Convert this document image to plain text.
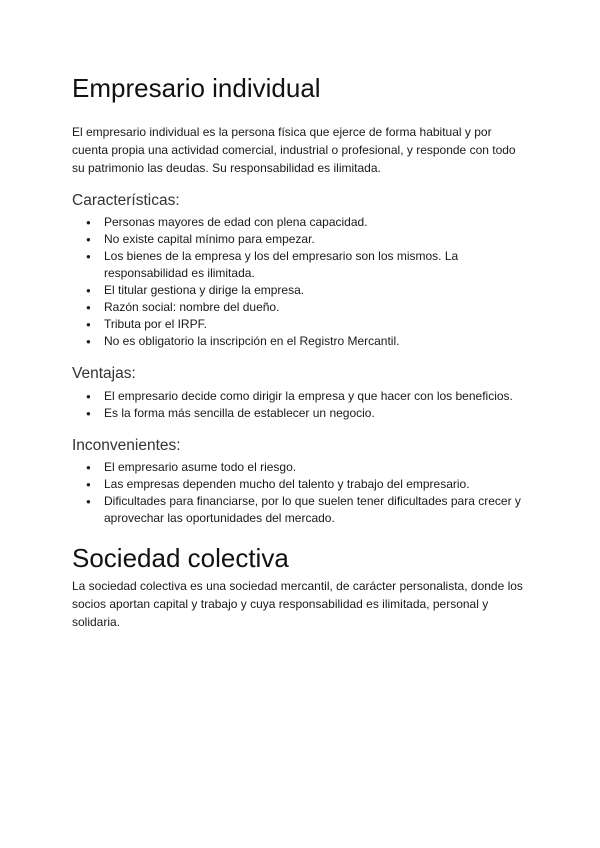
Empresario individual

El empresario individual es la persona física que ejerce de forma habitual y por cuenta propia una actividad comercial, industrial o profesional, y responde con todo su patrimonio las deudas. Su responsabilidad es ilimitada.

Características:
● Personas mayores de edad con plena capacidad.
● No existe capital mínimo para empezar.
● Los bienes de la empresa y los del empresario son los mismos. La responsabilidad es ilimitada.
● El titular gestiona y dirige la empresa.
● Razón social: nombre del dueño.
● Tributa por el IRPF.
● No es obligatorio la inscripción en el Registro Mercantil.
Ventajas:
● El empresario decide como dirigir la empresa y que hacer con los beneficios.
● Es la forma más sencilla de establecer un negocio.
Inconvenientes:
● El empresario asume todo el riesgo.
● Las empresas dependen mucho del talento y trabajo del empresario.
● Dificultades para financiarse, por lo que suelen tener dificultades para crecer y aprovechar las oportunidades del mercado.
Sociedad colectiva

La sociedad colectiva es una sociedad mercantil, de carácter personalista, donde los socios aportan capital y trabajo y cuya responsabilidad es ilimitada, personal y solidaria.
